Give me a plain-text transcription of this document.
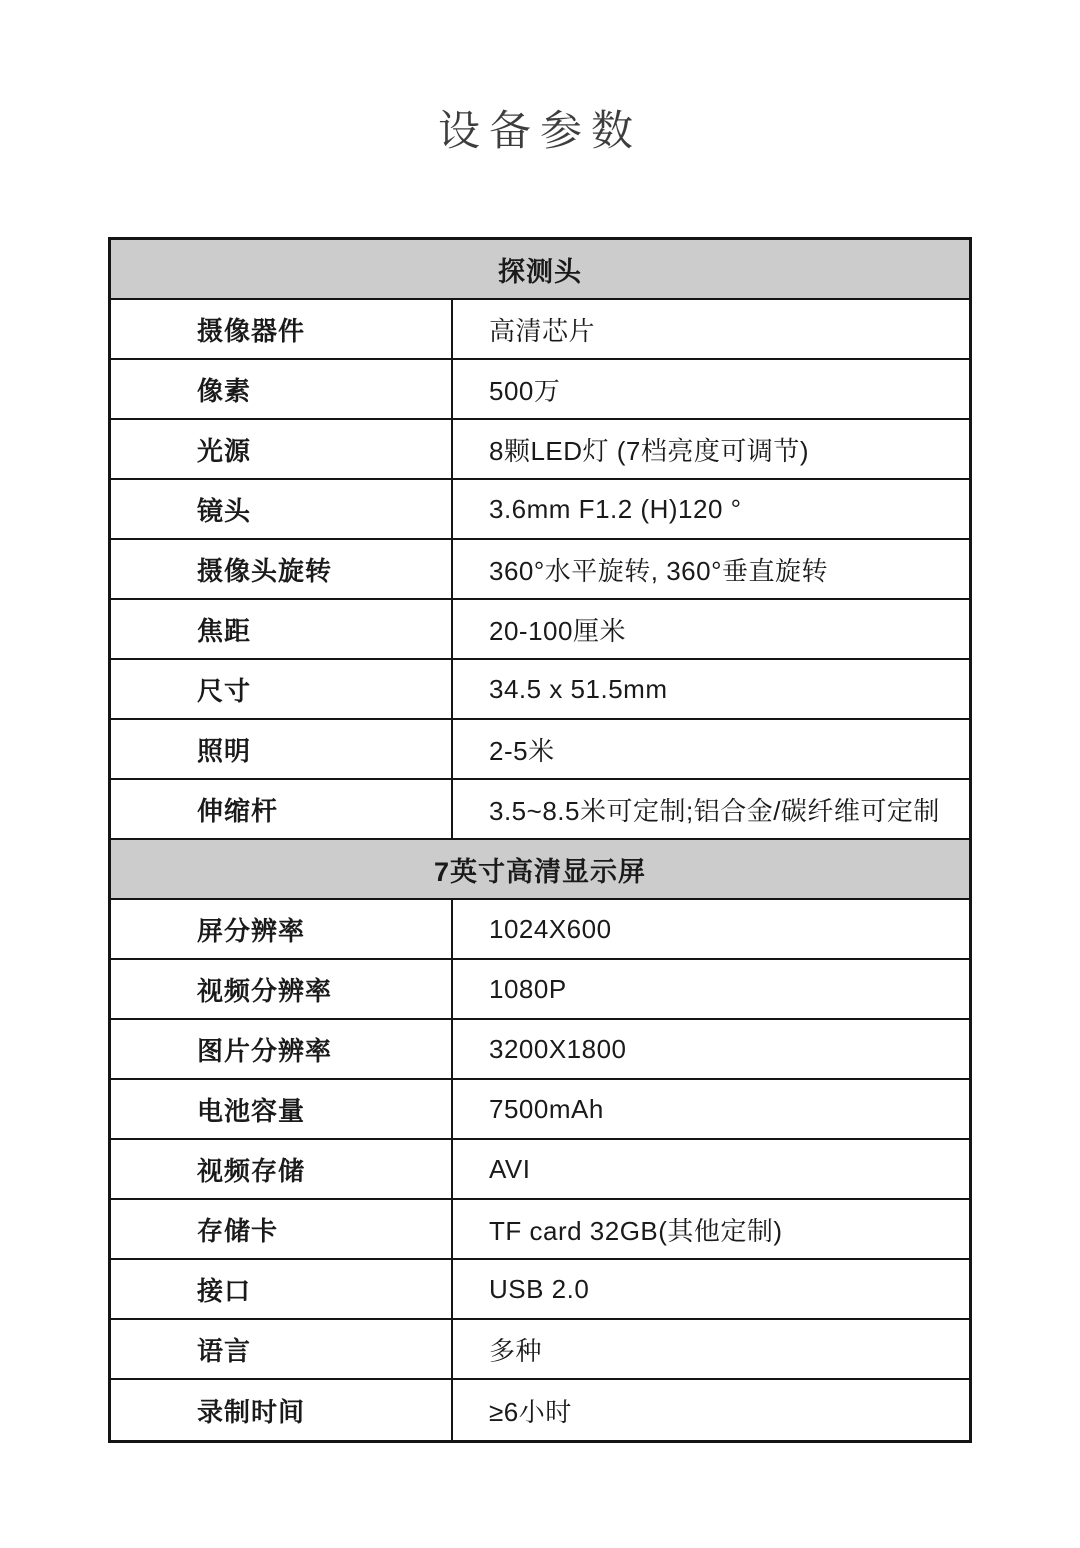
设备参数
探测头
摄像器件	高清芯片
像素	500万
光源	8颗LED灯 (7档亮度可调节)
镜头	3.6mm F1.2 (H)120 °
摄像头旋转	360°水平旋转, 360°垂直旋转
焦距	20-100厘米
尺寸	34.5 x 51.5mm
照明	2-5米
伸缩杆	3.5~8.5米可定制;铝合金/碳纤维可定制
7英寸高清显示屏
屏分辨率	1024X600
视频分辨率	1080P
图片分辨率	3200X1800
电池容量	7500mAh
视频存储	AVI
存储卡	TF card 32GB(其他定制)
接口	USB 2.0
语言	多种
录制时间	≥6小时
